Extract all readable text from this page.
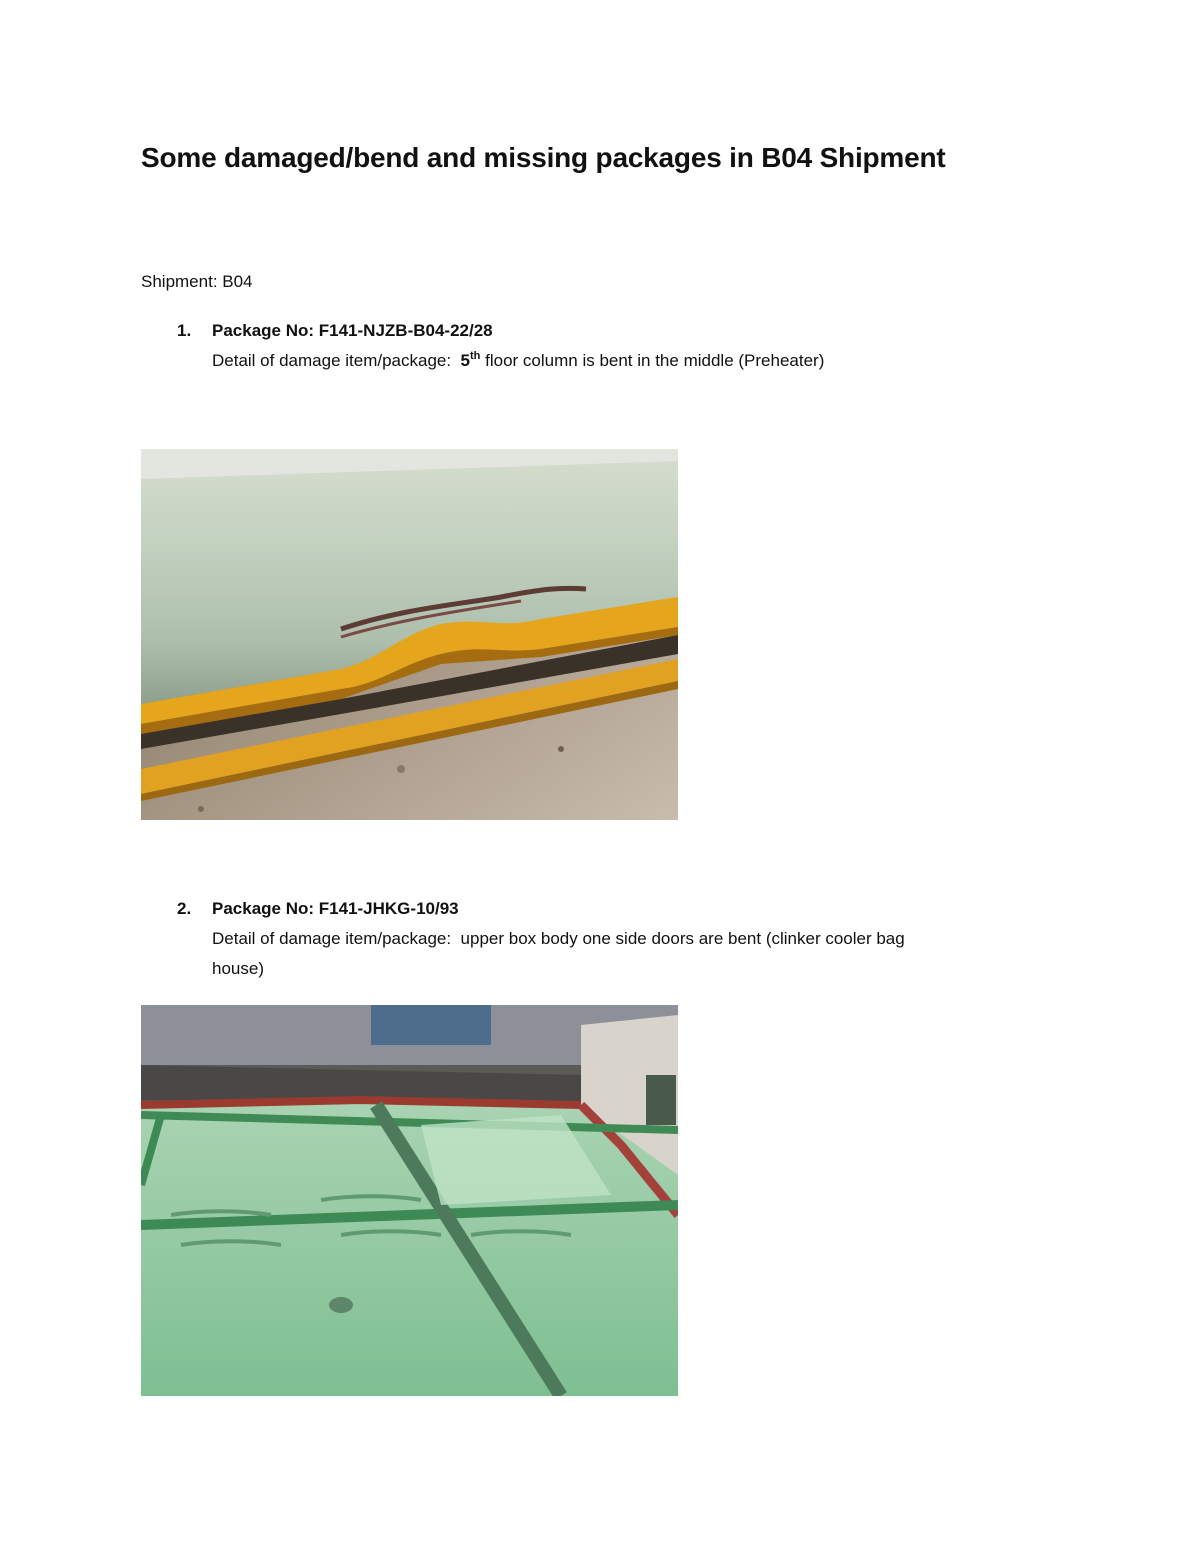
Some damaged/bend and missing packages in B04 Shipment
Shipment: B04
1.	Package No: F141-NJZB-B04-22/28
Detail of damage item/package: 5th floor column is bent in the middle (Preheater)
2.	Package No: F141-JHKG-10/93
Detail of damage item/package: upper box body one side doors are bent (clinker cooler bag
house)
